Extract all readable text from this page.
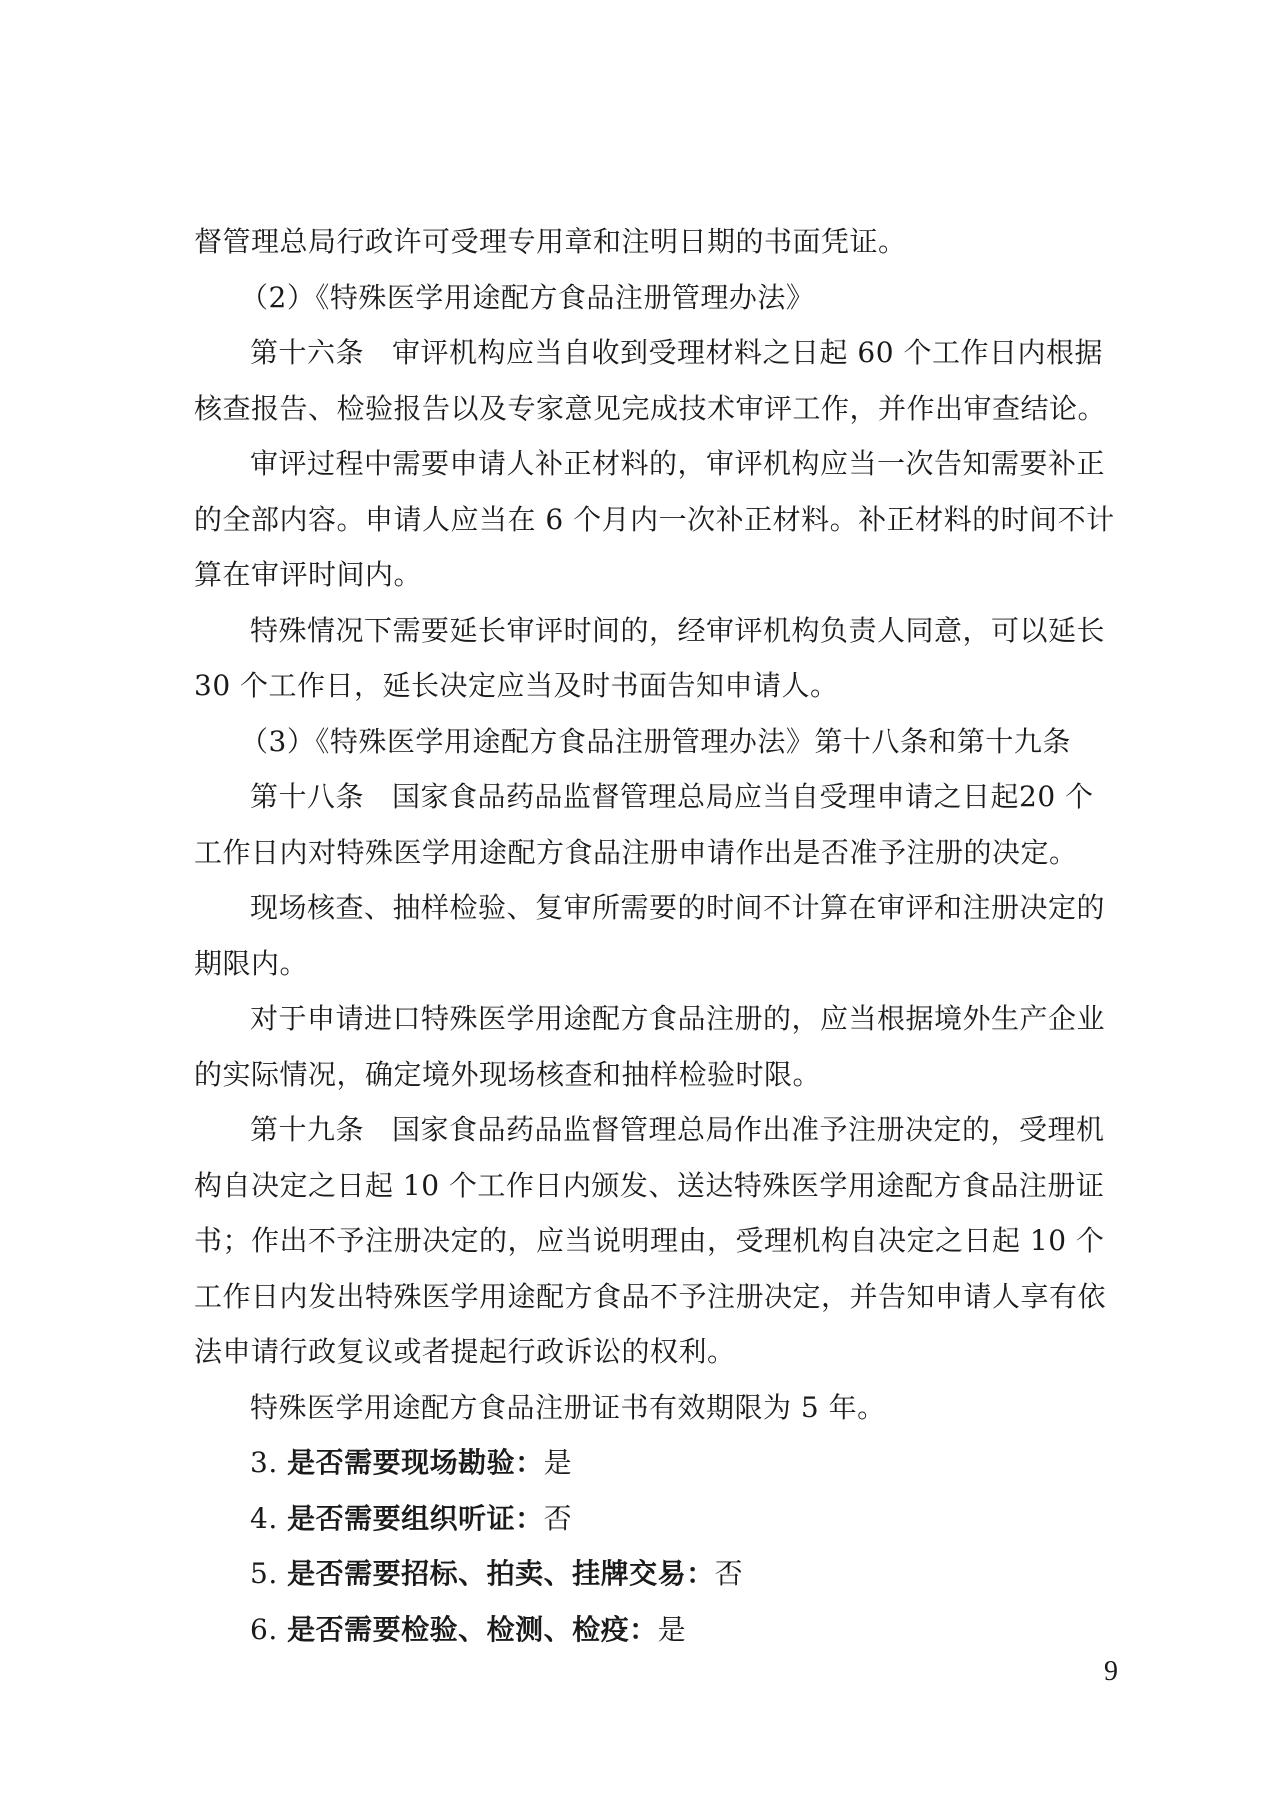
督管理总局行政许可受理专用章和注明日期的书面凭证。
（2）《特殊医学用途配方食品注册管理办法》
第十六条 审评机构应当自收到受理材料之日起 60 个工作日内根据
核查报告、检验报告以及专家意见完成技术审评工作，并作出审查结论。
审评过程中需要申请人补正材料的，审评机构应当一次告知需要补正
的全部内容。申请人应当在 6 个月内一次补正材料。补正材料的时间不计
算在审评时间内。
特殊情况下需要延长审评时间的，经审评机构负责人同意，可以延长
30 个工作日，延长决定应当及时书面告知申请人。
（3）《特殊医学用途配方食品注册管理办法》第十八条和第十九条
第十八条 国家食品药品监督管理总局应当自受理申请之日起20 个
工作日内对特殊医学用途配方食品注册申请作出是否准予注册的决定。
现场核查、抽样检验、复审所需要的时间不计算在审评和注册决定的
期限内。
对于申请进口特殊医学用途配方食品注册的，应当根据境外生产企业
的实际情况，确定境外现场核查和抽样检验时限。
第十九条 国家食品药品监督管理总局作出准予注册决定的，受理机
构自决定之日起 10 个工作日内颁发、送达特殊医学用途配方食品注册证
书；作出不予注册决定的，应当说明理由，受理机构自决定之日起 10 个
工作日内发出特殊医学用途配方食品不予注册决定，并告知申请人享有依
法申请行政复议或者提起行政诉讼的权利。
特殊医学用途配方食品注册证书有效期限为 5 年。
3. 是否需要现场勘验：是
4. 是否需要组织听证：否
5. 是否需要招标、拍卖、挂牌交易：否
6. 是否需要检验、检测、检疫：是
9
